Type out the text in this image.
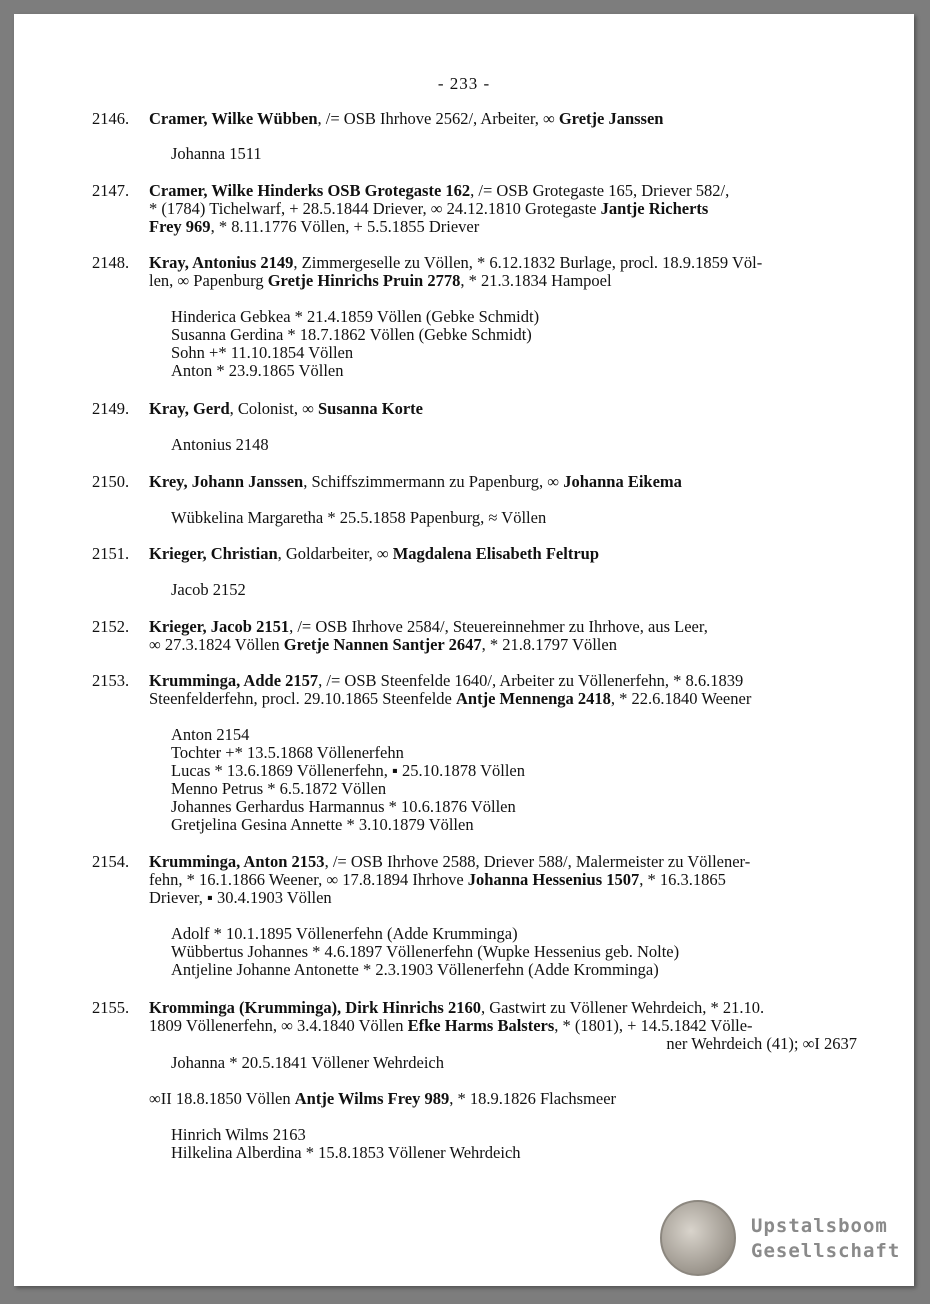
- 233 -
2146.	Cramer, Wilke Wübben, /= OSB Ihrhove 2562/, Arbeiter, ∞ Gretje Janssen
Johanna 1511
2147.	Cramer, Wilke Hinderks OSB Grotegaste 162, /= OSB Grotegaste 165, Driever 582/,
* (1784) Tichelwarf, + 28.5.1844 Driever, ∞ 24.12.1810 Grotegaste Jantje Richerts
Frey 969, * 8.11.1776 Völlen, + 5.5.1855 Driever
2148.	Kray, Antonius 2149, Zimmergeselle zu Völlen, * 6.12.1832 Burlage, procl. 18.9.1859 Völ-
len, ∞ Papenburg Gretje Hinrichs Pruin 2778, * 21.3.1834 Hampoel
Hinderica Gebkea * 21.4.1859 Völlen (Gebke Schmidt)
Susanna Gerdina * 18.7.1862 Völlen (Gebke Schmidt)
Sohn +* 11.10.1854 Völlen
Anton * 23.9.1865 Völlen
2149.	Kray, Gerd, Colonist, ∞ Susanna Korte
Antonius 2148
2150.	Krey, Johann Janssen, Schiffszimmermann zu Papenburg, ∞ Johanna Eikema
Wübkelina Margaretha * 25.5.1858 Papenburg, ≈ Völlen
2151.	Krieger, Christian, Goldarbeiter, ∞ Magdalena Elisabeth Feltrup
Jacob 2152
2152.	Krieger, Jacob 2151, /= OSB Ihrhove 2584/, Steuereinnehmer zu Ihrhove, aus Leer,
∞ 27.3.1824 Völlen Gretje Nannen Santjer 2647, * 21.8.1797 Völlen
2153.	Krumminga, Adde 2157, /= OSB Steenfelde 1640/, Arbeiter zu Völlenerfehn, * 8.6.1839
Steenfelderfehn, procl. 29.10.1865 Steenfelde Antje Mennenga 2418, * 22.6.1840 Weener
Anton 2154
Tochter +* 13.5.1868 Völlenerfehn
Lucas * 13.6.1869 Völlenerfehn, ▪ 25.10.1878 Völlen
Menno Petrus * 6.5.1872 Völlen
Johannes Gerhardus Harmannus * 10.6.1876 Völlen
Gretjelina Gesina Annette * 3.10.1879 Völlen
2154.	Krumminga, Anton 2153, /= OSB Ihrhove 2588, Driever 588/, Malermeister zu Völlener-
fehn, * 16.1.1866 Weener, ∞ 17.8.1894 Ihrhove Johanna Hessenius 1507, * 16.3.1865
Driever, ▪ 30.4.1903 Völlen
Adolf * 10.1.1895 Völlenerfehn (Adde Krumminga)
Wübbertus Johannes * 4.6.1897 Völlenerfehn (Wupke Hessenius geb. Nolte)
Antjeline Johanne Antonette * 2.3.1903 Völlenerfehn (Adde Kromminga)
2155.	Kromminga (Krumminga), Dirk Hinrichs 2160, Gastwirt zu Völlener Wehrdeich, * 21.10.
1809 Völlenerfehn, ∞ 3.4.1840 Völlen Efke Harms Balsters, * (1801), + 14.5.1842 Völle-
ner Wehrdeich (41); ∞I 2637
Johanna * 20.5.1841 Völlener Wehrdeich
∞II 18.8.1850 Völlen Antje Wilms Frey 989, * 18.9.1826 Flachsmeer
Hinrich Wilms 2163
Hilkelina Alberdina * 15.8.1853 Völlener Wehrdeich
Upstalsboom
Gesellschaft
